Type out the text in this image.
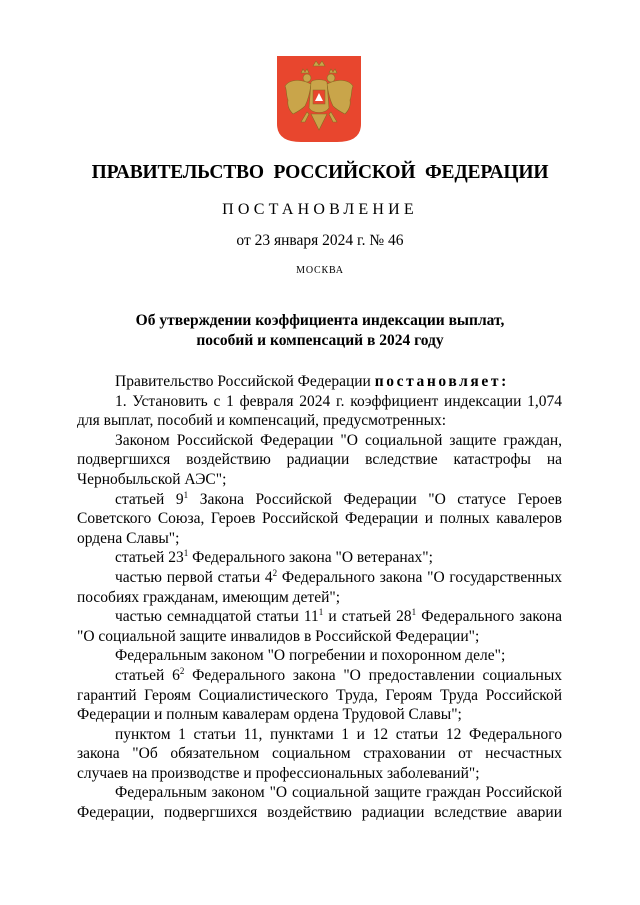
ПРАВИТЕЛЬСТВО РОССИЙСКОЙ ФЕДЕРАЦИИ
ПОСТАНОВЛЕНИЕ
от 23 января 2024 г. № 46
МОСКВА
Об утверждении коэффициента индексации выплат,
пособий и компенсаций в 2024 году

Правительство Российской Федерации постановляет:

1. Установить с 1 февраля 2024 г. коэффициент индексации 1,074 для выплат, пособий и компенсаций, предусмотренных:

Законом Российской Федерации "О социальной защите граждан, подвергшихся воздействию радиации вследствие катастрофы на Чернобыльской АЭС";

статьей $9^1$ Закона Российской Федерации "О статусе Героев Советского Союза, Героев Российской Федерации и полных кавалеров ордена Славы";

статьей $23^1$ Федерального закона "О ветеранах";

частью первой статьи $4^2$ Федерального закона "О государственных пособиях гражданам, имеющим детей";

частью семнадцатой статьи $11^1$ и статьей $28^1$ Федерального закона "О социальной защите инвалидов в Российской Федерации";

Федеральным законом "О погребении и похоронном деле";

статьей $6^2$ Федерального закона "О предоставлении социальных гарантий Героям Социалистического Труда, Героям Труда Российской Федерации и полным кавалерам ордена Трудовой Славы";

пунктом 1 статьи 11, пунктами 1 и 12 статьи 12 Федерального закона "Об обязательном социальном страховании от несчастных случаев на производстве и профессиональных заболеваний";

Федеральным законом "О социальной защите граждан Российской Федерации, подвергшихся воздействию радиации вследствие аварии
